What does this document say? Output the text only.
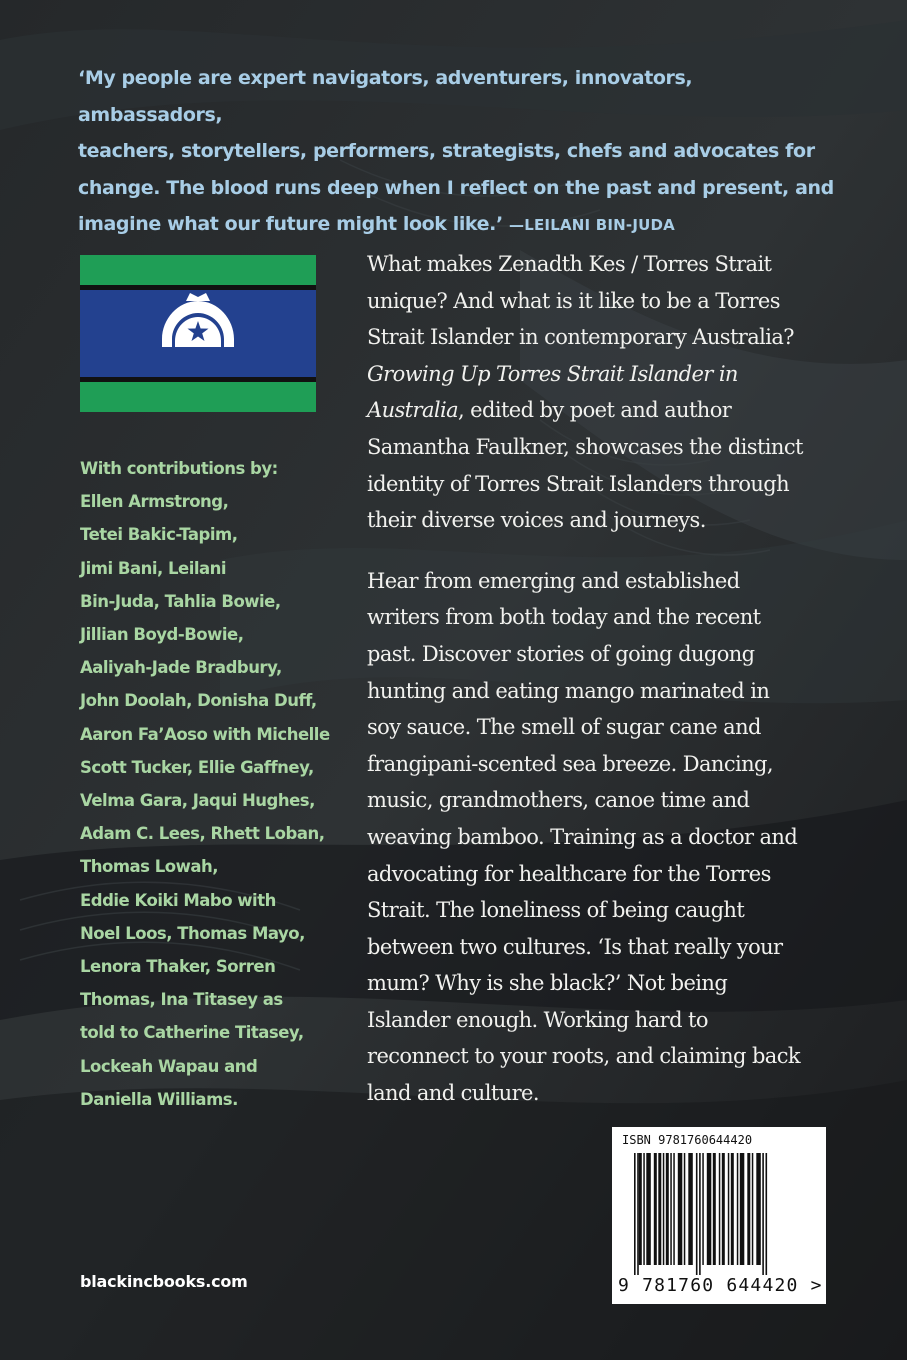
‘My people are expert navigators, adventurers, innovators, ambassadors,
teachers, storytellers, performers, strategists, chefs and advocates for
change. The blood runs deep when I reflect on the past and present, and
imagine what our future might look like.’ —LEILANI BIN-JUDA
With contributions by:
Ellen Armstrong,
Tetei Bakic-Tapim,
Jimi Bani, Leilani
Bin-Juda, Tahlia Bowie,
Jillian Boyd-Bowie,
Aaliyah-Jade Bradbury,
John Doolah, Donisha Duff,
Aaron Fa’Aoso with Michelle
Scott Tucker, Ellie Gaffney,
Velma Gara, Jaqui Hughes,
Adam C. Lees, Rhett Loban,
Thomas Lowah,
Eddie Koiki Mabo with
Noel Loos, Thomas Mayo,
Lenora Thaker, Sorren
Thomas, Ina Titasey as
told to Catherine Titasey,
Lockeah Wapau and
Daniella Williams.

What makes Zenadth Kes / Torres Strait
unique? And what is it like to be a Torres
Strait Islander in contemporary Australia?
Growing Up Torres Strait Islander in
Australia, edited by poet and author
Samantha Faulkner, showcases the distinct
identity of Torres Strait Islanders through
their diverse voices and journeys.

Hear from emerging and established
writers from both today and the recent
past. Discover stories of going dugong
hunting and eating mango marinated in
soy sauce. The smell of sugar cane and
frangipani-scented sea breeze. Dancing,
music, grandmothers, canoe time and
weaving bamboo. Training as a doctor and
advocating for healthcare for the Torres
Strait. The loneliness of being caught
between two cultures. ‘Is that really your
mum? Why is she black?’ Not being
Islander enough. Working hard to
reconnect to your roots, and claiming back
land and culture.

blackincbooks.com
ISBN 9781760644420
9 781760 644420 >
